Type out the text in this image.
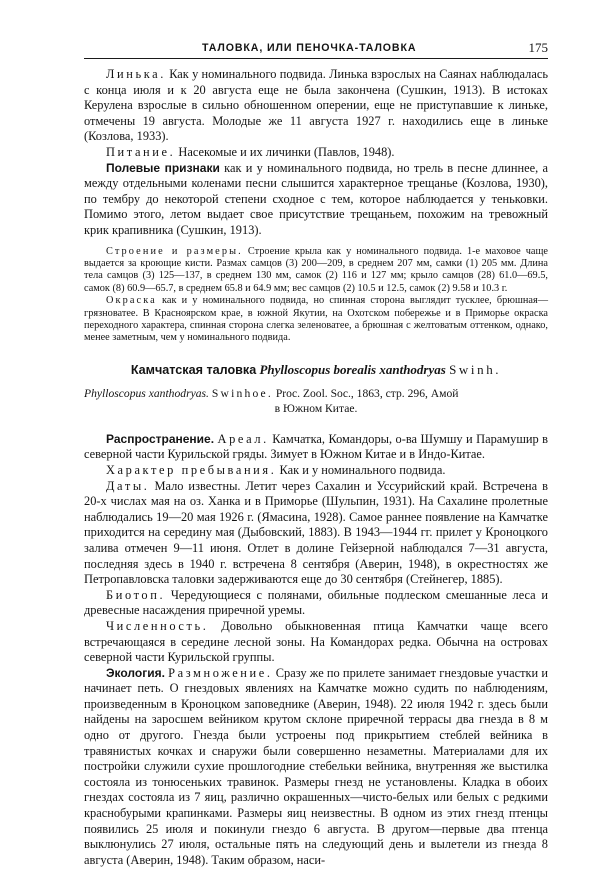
ТАЛОВКА, ИЛИ ПЕНОЧКА-ТАЛОВКА	175

Линька. Как у номинального подвида. Линька взрослых на Саянах наблюдалась с конца июля и к 20 августа еще не была закончена (Сушкин, 1913). В истоках Керулена взрослые в сильно обношенном оперении, еще не приступавшие к линьке, отмечены 19 августа. Молодые же 11 августа 1927 г. находились еще в линьке (Козлова, 1933).

Питание. Насекомые и их личинки (Павлов, 1948).

Полевые признаки как и у номинального подвида, но трель в песне длиннее, а между отдельными коленами песни слышится характерное трещанье (Козлова, 1930), по тембру до некоторой степени сходное с тем, которое наблюдается у теньковки. Помимо этого, летом выдает свое присутствие трещаньем, похожим на тревожный крик крапивника (Сушкин, 1913).

Строение и размеры. Строение крыла как у номинального подвида. 1-е маховое чаще выдается за кроющие кисти. Размах самцов (3) 200—209, в среднем 207 мм, самки (1) 205 мм. Длина тела самцов (3) 125—137, в среднем 130 мм, самок (2) 116 и 127 мм; крыло самцов (28) 61.0—69.5, самок (8) 60.9—65.7, в среднем 65.8 и 64.9 мм; вес самцов (2) 10.5 и 12.5, самок (2) 9.58 и 10.3 г.

Окраска как и у номинального подвида, но спинная сторона выглядит тусклее, брюшная—грязноватее. В Красноярском крае, в южной Якутии, на Охотском побережье и в Приморье окраска переходного характера, спинная сторона слегка зеленоватее, а брюшная с желтоватым оттенком, однако, менее заметным, чем у номинального подвида.

Камчатская таловка Phylloscopus borealis xanthodryas Swinh.

Phylloscopus xanthodryas. Swinhoe. Proc. Zool. Soc., 1863, стр. 296, Амой
в Южном Китае.

Распространение. Ареал. Камчатка, Командоры, о-ва Шумшу и Парамушир в северной части Курильской гряды. Зимует в Южном Китае и в Индо-Китае.

Характер пребывания. Как и у номинального подвида.

Даты. Мало известны. Летит через Сахалин и Уссурийский край. Встречена в 20-х числах мая на оз. Ханка и в Приморье (Шульпин, 1931). На Сахалине пролетные наблюдались 19—20 мая 1926 г. (Ямасина, 1928). Самое раннее появление на Камчатке приходится на середину мая (Дыбовский, 1883). В 1943—1944 гг. прилет у Кроноцкого залива отмечен 9—11 июня. Отлет в долине Гейзерной наблюдался 7—31 августа, последняя здесь в 1940 г. встречена 8 сентября (Аверин, 1948), в окрестностях же Петропавловска таловки задерживаются еще до 30 сентября (Стейнегер, 1885).

Биотоп. Чередующиеся с полянами, обильные подлеском смешанные леса и древесные насаждения приречной уремы.

Численность. Довольно обыкновенная птица Камчатки чаще всего встречающаяся в середине лесной зоны. На Командорах редка. Обычна на островах северной части Курильской группы.

Экология. Размножение. Сразу же по прилете занимает гнездовые участки и начинает петь. О гнездовых явлениях на Камчатке можно судить по наблюдениям, произведенным в Кроноцком заповеднике (Аверин, 1948). 22 июля 1942 г. здесь были найдены на заросшем вейником крутом склоне приречной террасы два гнезда в 8 м одно от другого. Гнезда были устроены под прикрытием стеблей вейника в травянистых кочках и снаружи были совершенно незаметны. Материалами для их постройки служили сухие прошлогодние стебельки вейника, внутренняя же выстилка состояла из тонюсеньких травинок. Размеры гнезд не установлены. Кладка в обоих гнездах состояла из 7 яиц, различно окрашенных—чисто-белых или белых с редкими краснобурыми крапинками. Размеры яиц неизвестны. В одном из этих гнезд птенцы появились 25 июля и покинули гнездо 6 августа. В другом—первые два птенца выклюнулись 27 июля, остальные пять на следующий день и вылетели из гнезда 8 августа (Аверин, 1948). Таким образом, наси-
